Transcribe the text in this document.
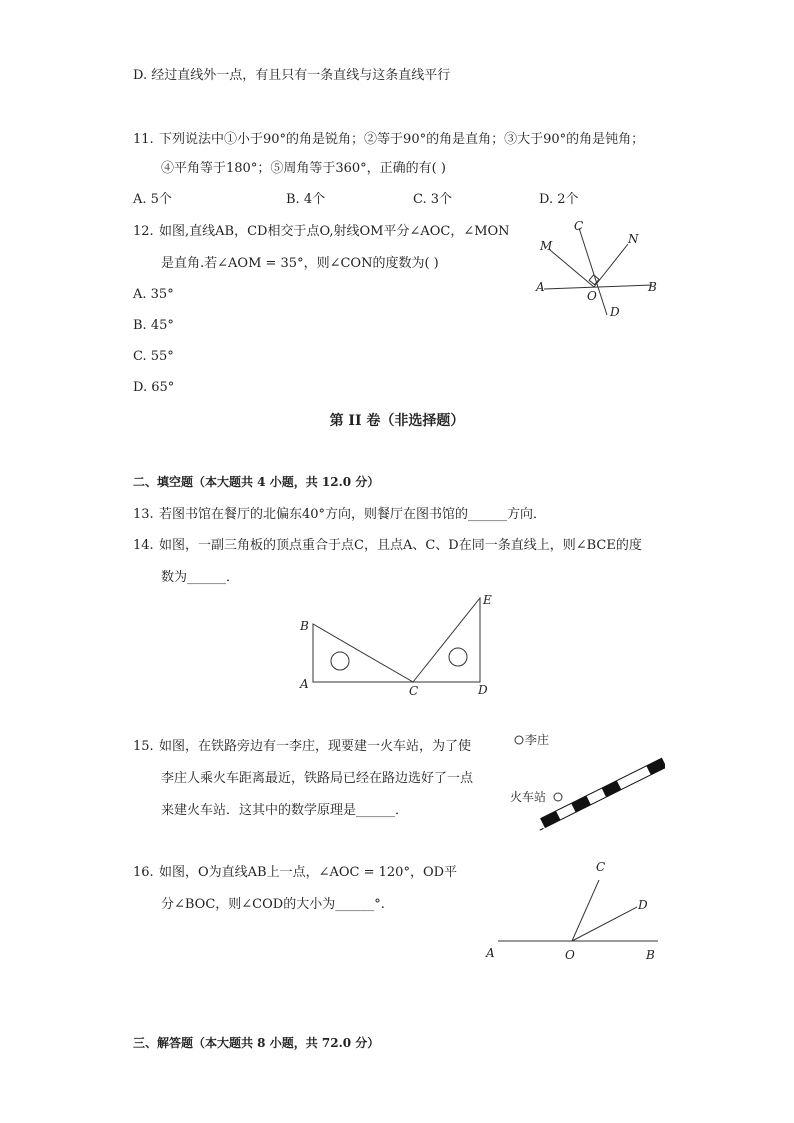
D. 经过直线外一点，有且只有一条直线与这条直线平行
11. 下列说法中①小于90°的角是锐角；②等于90°的角是直角；③大于90°的角是钝角；
④平角等于180°；⑤周角等于360°，正确的有( )
A. 5个	B. 4个	C. 3个	D. 2个
12. 如图,直线AB，CD相交于点O,射线OM平分∠AOC，∠MON
是直角.若∠AOM = 35°，则∠CON的度数为( )
A. 35°
B. 45°
C. 55°
D. 65°
M
C
N
A
O
B
D
第 II 卷（非选择题）
二、填空题（本大题共 4 小题，共 12.0 分）
13. 若图书馆在餐厅的北偏东40°方向，则餐厅在图书馆的______方向．
14. 如图，一副三角板的顶点重合于点C，且点A、C、D在同一条直线上，则∠BCE的度
数为______．
B
A	C	D
E
15. 如图，在铁路旁边有一李庄，现要建一火车站，为了使
李庄人乘火车距离最近，铁路局已经在路边选好了一点
来建火车站．这其中的数学原理是______．
李庄
火车站
16. 如图，O为直线AB上一点，∠AOC = 120°，OD平
分∠BOC，则∠COD的大小为______°.
A	O	B
C
D
三、解答题（本大题共 8 小题，共 72.0 分）
